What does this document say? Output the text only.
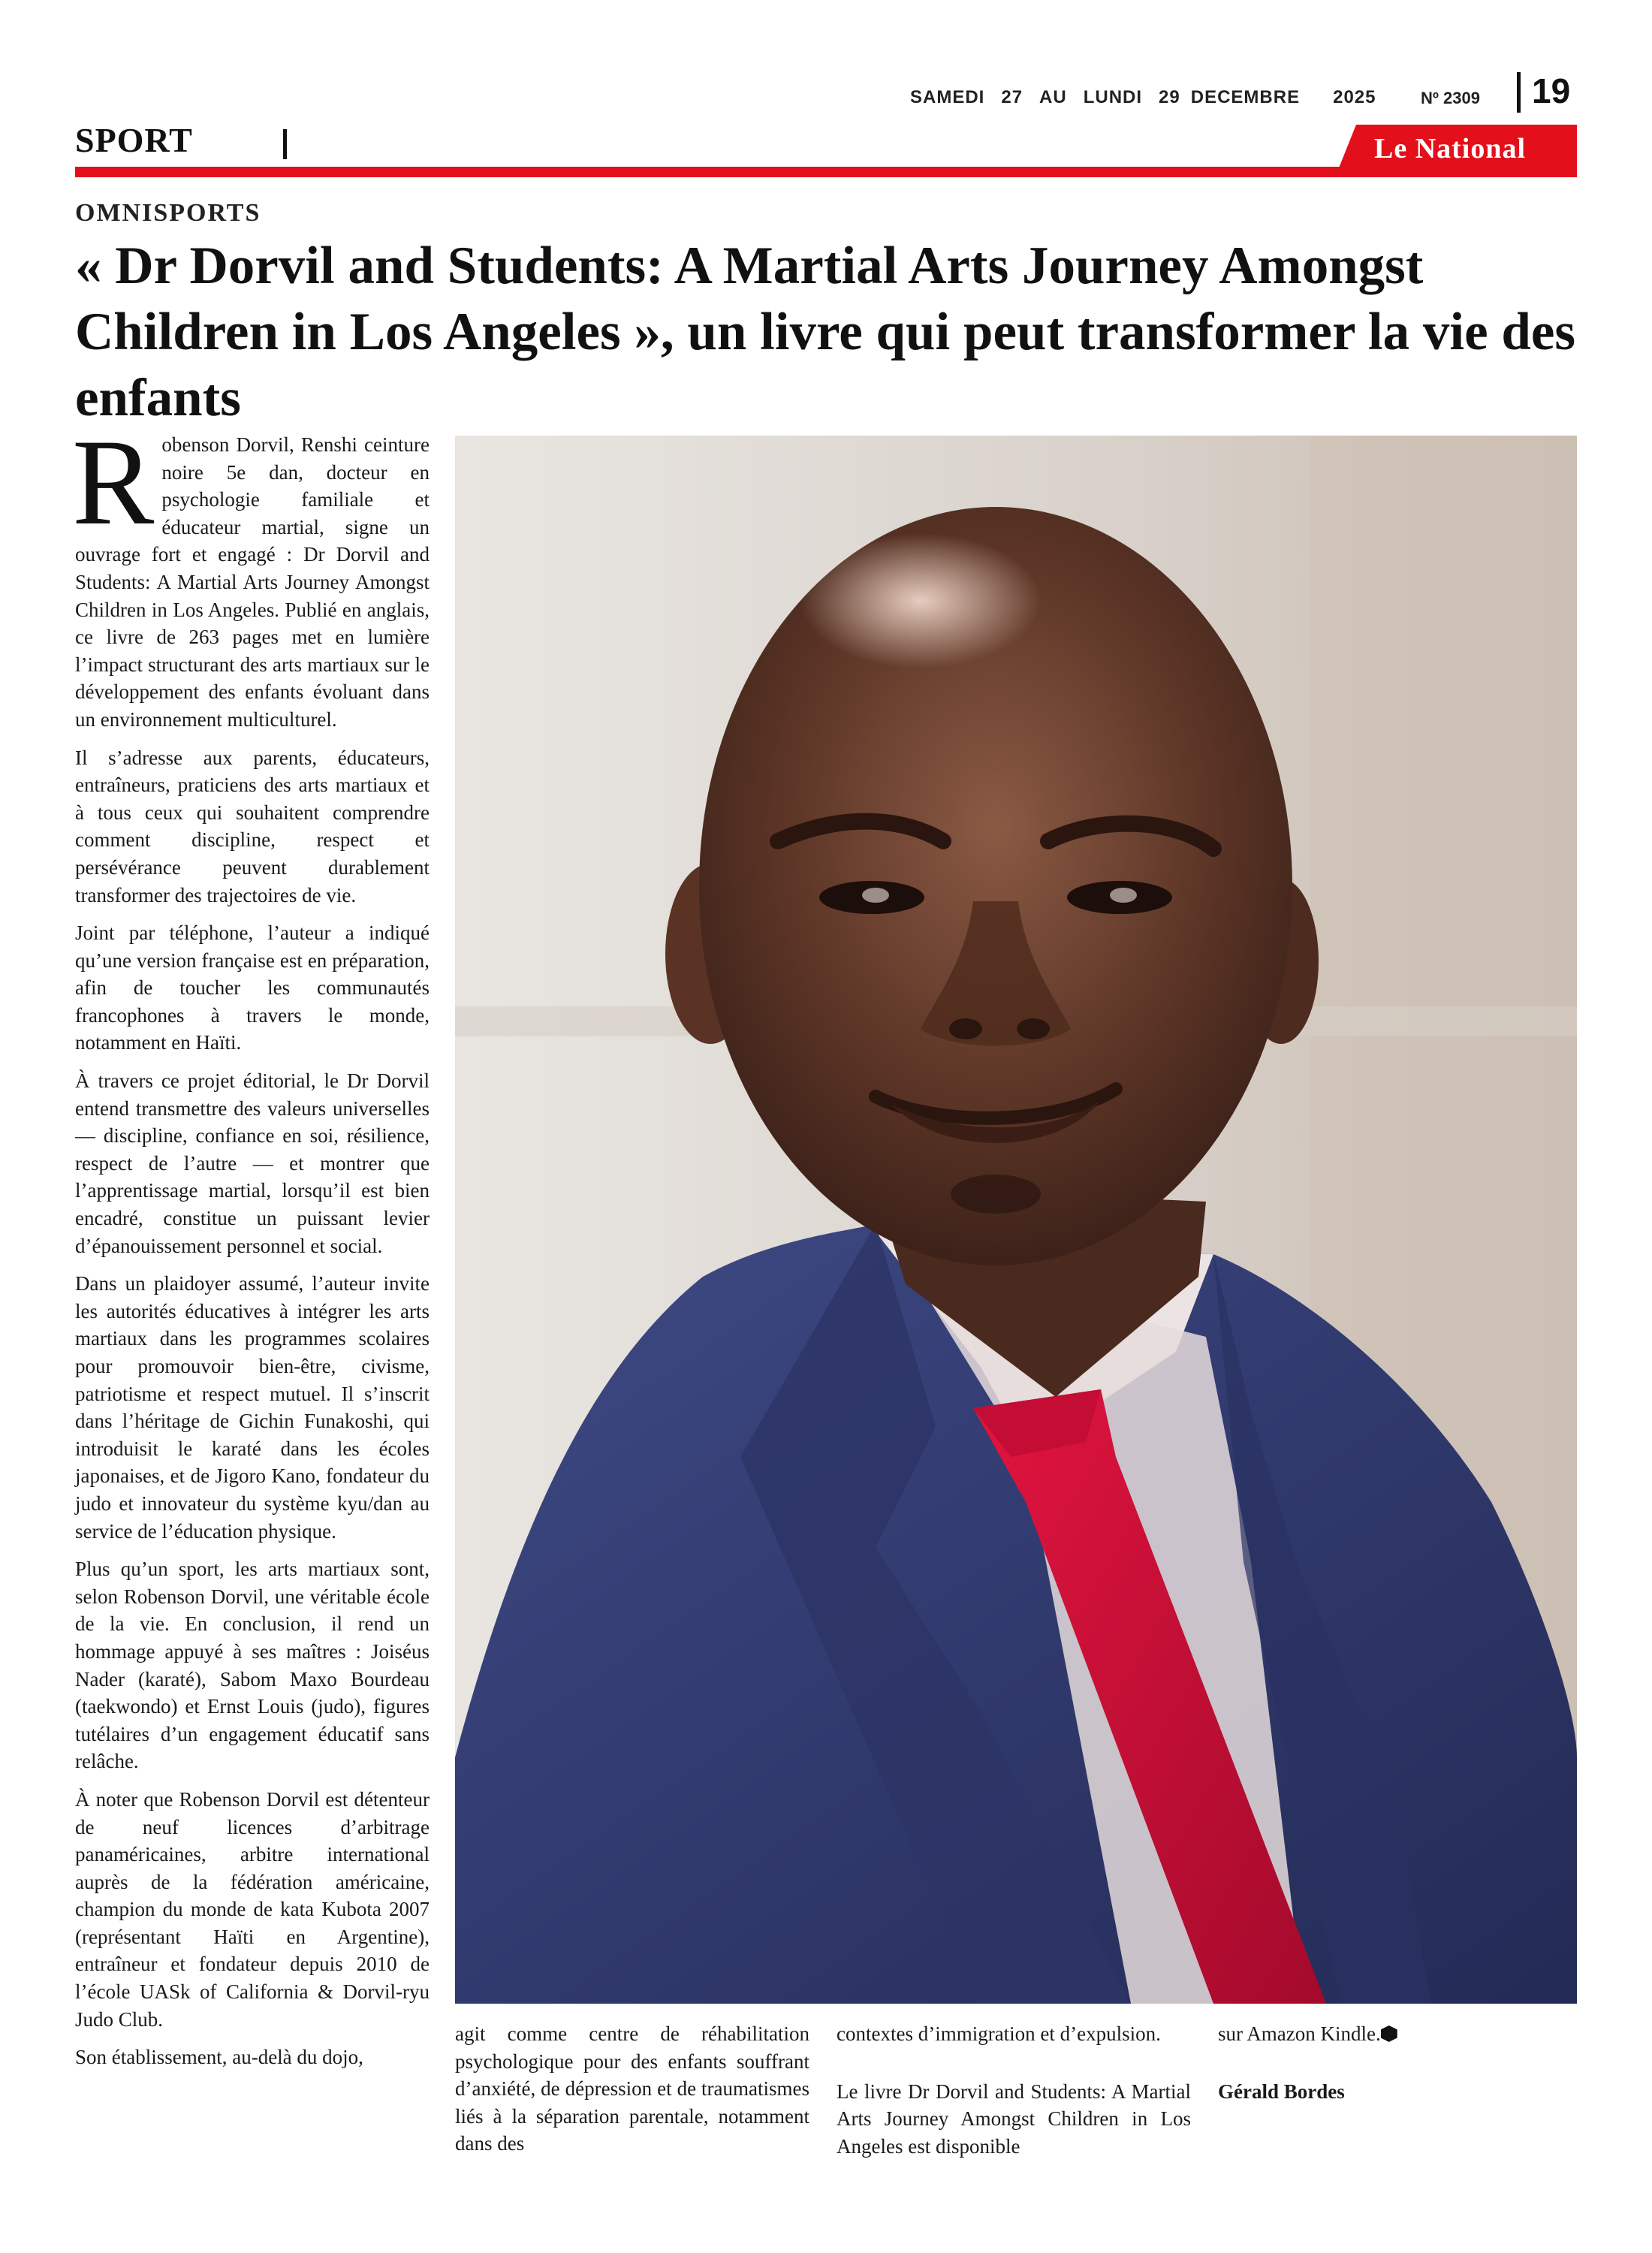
SAMEDI 27 AU LUNDI 29 DECEMBRE 2025	Nº 2309 19
SPORT	Le National
OMNISPORTS
« Dr Dorvil and Students: A Martial Arts Journey Amongst Children in Los Angeles », un livre qui peut transformer la vie des enfants

Robenson Dorvil, Renshi ceinture noire 5e dan, docteur en psychologie familiale et éducateur martial, signe un ouvrage fort et engagé : Dr Dorvil and Students: A Martial Arts Journey Amongst Children in Los Angeles. Publié en anglais, ce livre de 263 pages met en lumière l’impact structurant des arts martiaux sur le développement des enfants évoluant dans un environnement multiculturel.

Il s’adresse aux parents, éducateurs, entraîneurs, praticiens des arts martiaux et à tous ceux qui souhaitent comprendre comment discipline, respect et persévérance peuvent durablement transformer des trajectoires de vie.

Joint par téléphone, l’auteur a indiqué qu’une version française est en préparation, afin de toucher les communautés francophones à travers le monde, notamment en Haïti.

À travers ce projet éditorial, le Dr Dorvil entend transmettre des valeurs universelles — discipline, confiance en soi, résilience, respect de l’autre — et montrer que l’apprentissage martial, lorsqu’il est bien encadré, constitue un puissant levier d’épanouissement personnel et social.

Dans un plaidoyer assumé, l’auteur invite les autorités éducatives à intégrer les arts martiaux dans les programmes scolaires pour promouvoir bien-être, civisme, patriotisme et respect mutuel. Il s’inscrit dans l’héritage de Gichin Funakoshi, qui introduisit le karaté dans les écoles japonaises, et de Jigoro Kano, fondateur du judo et innovateur du système kyu/dan au service de l’éducation physique.

Plus qu’un sport, les arts martiaux sont, selon Robenson Dorvil, une véritable école de la vie. En conclusion, il rend un hommage appuyé à ses maîtres : Joiséus Nader (karaté), Sabom Maxo Bourdeau (taekwondo) et Ernst Louis (judo), figures tutélaires d’un engagement éducatif sans relâche.

À noter que Robenson Dorvil est détenteur de neuf licences d’arbitrage panaméricaines, arbitre international auprès de la fédération américaine, champion du monde de kata Kubota 2007 (représentant Haïti en Argentine), entraîneur et fondateur depuis 2010 de l’école UASk of California & Dorvil-ryu Judo Club.

Son établissement, au-delà du dojo,

agit comme centre de réhabilitation psychologique pour des enfants souffrant d’anxiété, de dépression et de traumatismes liés à la séparation parentale, notamment dans des

contextes d’immigration et d’expulsion.

Le livre Dr Dorvil and Students: A Martial Arts Journey Amongst Children in Los Angeles est disponible

sur Amazon Kindle.

Gérald Bordes
